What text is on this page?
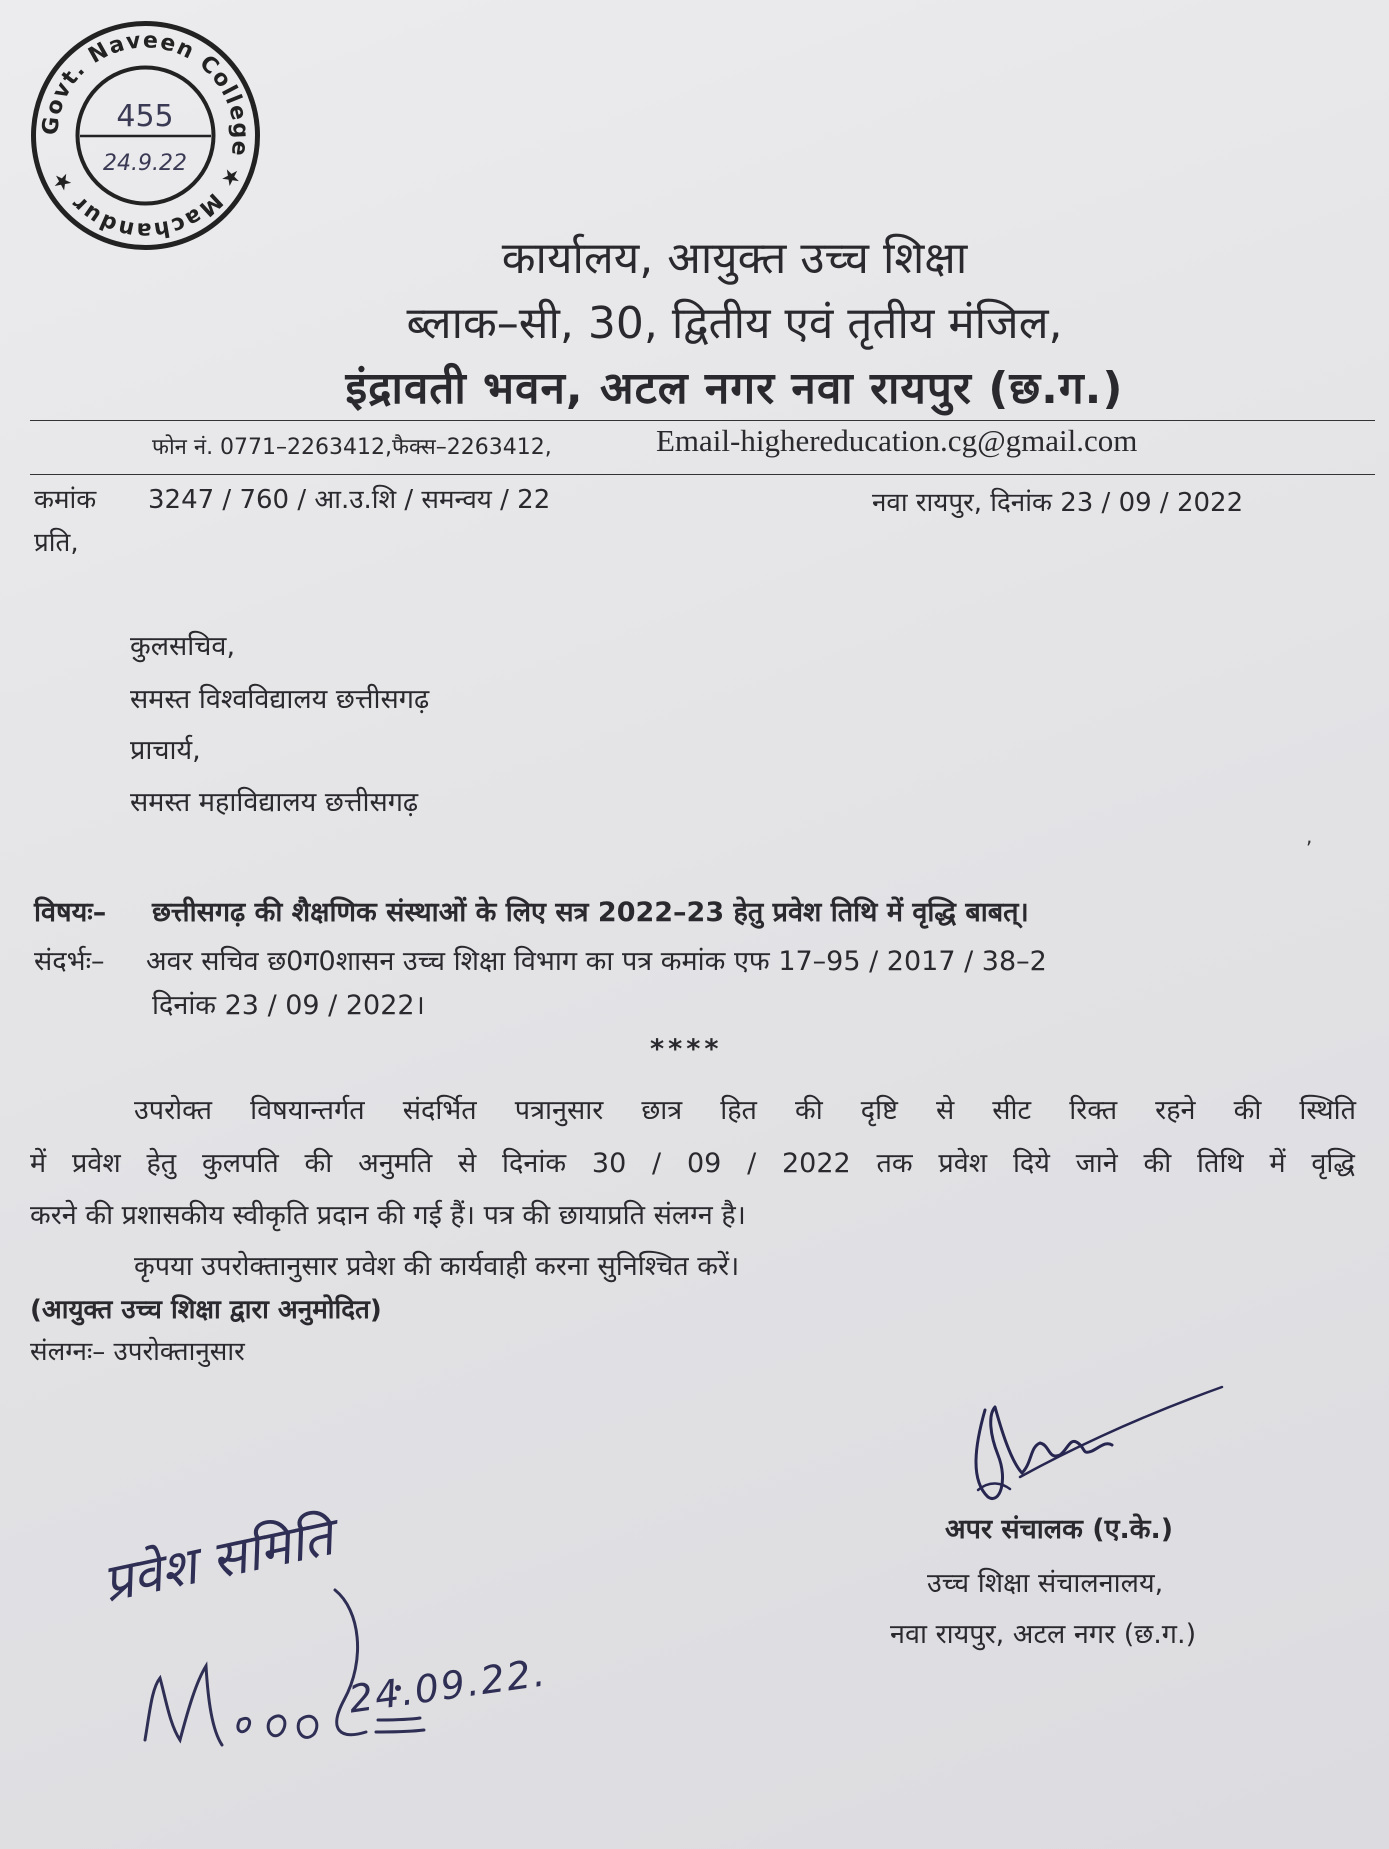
Govt. Naveen College ★ Machandur ★
455
24.9.22
कार्यालय, आयुक्त उच्च शिक्षा
ब्लाक–सी, 30, द्वितीय एवं तृतीय मंजिल,
इंद्रावती भवन, अटल नगर नवा रायपुर (छ.ग.)
फोन नं. 0771–2263412,फैक्स–2263412,	Email-highereducation.cg@gmail.com
कमांक 3247 / 760 / आ.उ.शि / समन्वय / 22	नवा रायपुर, दिनांक 23 / 09 / 2022
प्रति,
कुलसचिव,
समस्त विश्वविद्यालय छत्तीसगढ़
प्राचार्य,
समस्त महाविद्यालय छत्तीसगढ़
विषयः– छत्तीसगढ़ की शैक्षणिक संस्थाओं के लिए सत्र 2022–23 हेतु प्रवेश तिथि में वृद्धि बाबत्।
संदर्भः– अवर सचिव छ0ग0शासन उच्च शिक्षा विभाग का पत्र कमांक एफ 17–95 / 2017 / 38–2
दिनांक 23 / 09 / 2022।
****
उपरोक्त विषयान्तर्गत संदर्भित पत्रानुसार छात्र हित की दृष्टि से सीट रिक्त रहने की स्थिति
में प्रवेश हेतु कुलपति की अनुमति से दिनांक 30 / 09 / 2022 तक प्रवेश दिये जाने की तिथि में वृद्धि
करने की प्रशासकीय स्वीकृति प्रदान की गई हैं। पत्र की छायाप्रति संलग्न है।
कृपया उपरोक्तानुसार प्रवेश की कार्यवाही करना सुनिश्चित करें।
(आयुक्त उच्च शिक्षा द्वारा अनुमोदित)
संलग्नः– उपरोक्तानुसार
अपर संचालक (ए.के.)
उच्च शिक्षा संचालनालय,
नवा रायपुर, अटल नगर (छ.ग.)
प्रवेश समिति
24.09.22.
,
